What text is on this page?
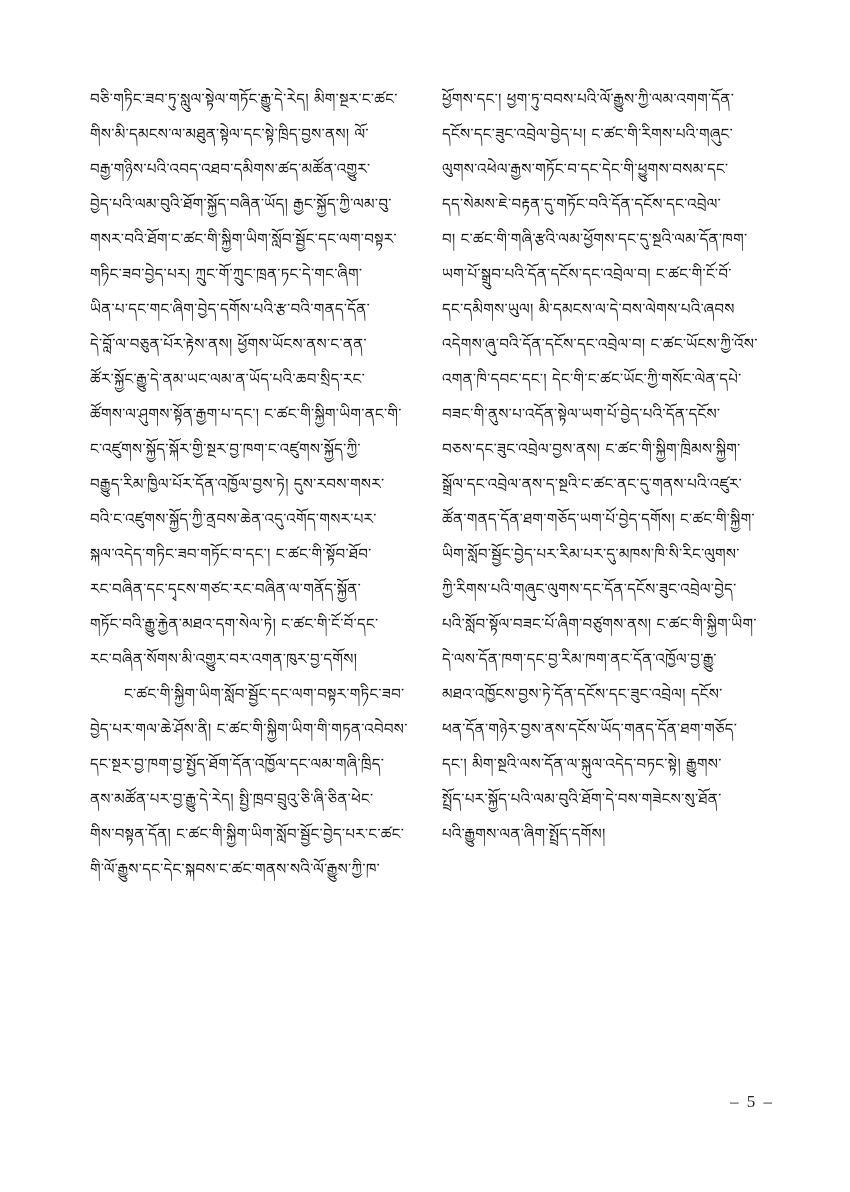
བཅི་གཏིང་ཟབ་ཏུ་སླུལ་སྟེལ་གཏོང་རྒྱུ་དེ་རེད། མིག་སྔར་ང་ཚང་
གིས་མི་དམངས་ལ་མཐུན་སྟེལ་དང་སྟེ་ཁྲིད་བྱས་ནས། ལོ་
བརྒྱ་གཉིས་པའི་འབད་འཐབ་དམིགས་ཚད་མཚོན་འགྱུར་
བྱེད་པའི་ལམ་བུའི་ཐོག་སྐྱོད་བཞིན་ཡོད། རྒྱང་སྐྱོད་ཀྱི་ལམ་བུ་
གསར་བའི་ཐོག་ང་ཚང་གི་སྐྱིག་ཡིག་སློབ་སྦྱོང་དང་ལག་བསྟར་
གཏིང་ཟབ་བྱེད་པར། ཀྲུང་གོ་ཀྲུང་ཁྲན་ཏང་དེ་གང་ཞིག་
ཡིན་པ་དང་གང་ཞིག་བྱེད་དགོས་པའི་རྩ་བའི་གནད་དོན་
དེ་བློ་ལ་བཅུན་པོར་རྟེས་ནས། ཕྱོགས་ཡོངས་ནས་ང་ནན་
ཚོར་སྐྱོང་རྒྱུ་དེ་ནམ་ཡང་ལམ་ན་ཡོད་པའི་ཆབ་སྲིད་རང་
ཚོགས་ལ་ཤུགས་སྟོན་རྒྱག་པ་དང་། ང་ཚང་གི་སྐྱིག་ཡིག་ནང་གི་
ང་འཛུགས་སྐྱོད་སྐོར་གྱི་སྔར་བྱ་ཁག་ང་འཛུགས་སྐྱོད་ཀྱི་
བརྒྱུད་རིམ་ཁྱིལ་པོར་དོན་འཁྱོལ་བྱས་ཏེ། དུས་རབས་གསར་
བའི་ང་འཛུགས་སྐྱོད་ཀྱི་ནྲབས་ཆེན་འདུ་འགོད་གསར་པར་
སྐལ་འདེད་གཏིང་ཟབ་གཏོང་བ་དང་། ང་ཚང་གི་སྟོབ་ཐོབ་
རང་བཞིན་དང་དྭངས་གཙང་རང་བཞིན་ལ་གནོད་སྐྱོན་
གཏོང་བའི་རྒྱུ་རྐྱེན་མཐའ་དག་སེལ་ཏེ། ང་ཚང་གི་ངོ་བོ་དང་
རང་བཞིན་སོགས་མི་འགྱུར་བར་འགན་ཁུར་བྱ་དགོས།
ང་ཚང་གི་སྐྱིག་ཡིག་སློབ་སྦྱོང་དང་ལག་བསྟར་གཏིང་ཟབ་
བྱེད་པར་གལ་ཆེ་ཤོས་ནི། ང་ཚང་གི་སྐྱིག་ཡིག་གི་གཏན་འབེབས་
དང་སྔར་བྱ་ཁག་བྱ་སྤྱོད་ཐོག་དོན་འཁྱོལ་དང་ལམ་གཞི་ཁྲིད་
ནས་མཚོན་པར་བྱ་རྒྱུ་དེ་རེད། སྤྱི་ཁྲབ་བྲུའུ་ཅི་ཞི་ཅིན་ཕེང་
གིས་བསྟན་དོན། ང་ཚང་གི་སྐྱིག་ཡིག་སློབ་སྦྱོང་བྱེད་པར་ང་ཚང་
གི་ལོ་རྒྱུས་དང་དེང་སྐབས་ང་ཚང་གནས་སའི་ལོ་རྒྱུས་ཀྱི་ཁ་
ཕྱོགས་དང་། ཕྱག་ཏུ་བབས་པའི་ལོ་རྒྱུས་ཀྱི་ལམ་འགག་དོན་
དངོས་དང་ཟུང་འབྲེལ་བྱེད་པ། ང་ཚང་གི་རིགས་པའི་གཞུང་
ལུགས་འཕེལ་རྒྱས་གཏོང་བ་དང་དེང་གི་ཕྱུགས་བསམ་དང་
དད་སེམས་ཇེ་བརྟན་དུ་གཏོང་བའི་དོན་དངོས་དང་འབྲེལ་
བ། ང་ཚང་གི་གཞི་རྩའི་ལམ་ཕྱོགས་དང་དུ་སྔའི་ལམ་དོན་ཁག་
ཡག་པོ་སྒྲུབ་པའི་དོན་དངོས་དང་འབྲེལ་བ། ང་ཚང་གི་ངོ་བོ་
དང་དམིགས་ཡུལ། མི་དམངས་ལ་དེ་བས་ལེགས་པའི་ཞབས
འདེགས་ཞུ་བའི་དོན་དངོས་དང་འབྲེལ་བ། ང་ཚང་ཡོངས་ཀྱི་འོས་
འགན་ཁི་དབང་དང་། དེང་གི་ང་ཚང་ཡོང་ཀྱི་གསོང་ལེན་དཔེ་
བཟང་གི་ནུས་པ་འདོན་སྟེལ་ཡག་པོ་བྱེད་པའི་དོན་དངོས་
བཅས་དང་ཟུང་འབྲེལ་བྱས་ནས། ང་ཚང་གི་སྐྱིག་ཁྲིམས་སྐྱིག་
སྒྲོལ་དང་འབྲེལ་ནས་ད་སྔའི་ང་ཚང་ནང་དུ་གནས་པའི་འཛུར་
ཚོན་གནད་དོན་ཐག་གཅོད་ཡག་པོ་བྱེད་དགོས། ང་ཚང་གི་སྐྱིག་
ཡིག་སློབ་སྦྱོང་བྱེད་པར་རིམ་པར་དུ་མཁས་ཁི་སི་རིང་ལུགས་
ཀྱི་རིགས་པའི་གཞུང་ལུགས་དང་དོན་དངོས་ཟུང་འབྲེལ་བྱེད་
པའི་སློབ་སྟོལ་བཟང་པོ་ཞིག་བཙུགས་ནས། ང་ཚང་གི་སྐྱིག་ཡིག་
དེ་ལས་དོན་ཁག་དང་བྱ་རིམ་ཁག་ནང་དོན་འཁྱོལ་བྱ་རྒྱུ་
མཐའ་འཁྱོངས་བྱས་ཏེ་དོན་དངོས་དང་ཟུང་འབྲེལ། དངོས་
ཕན་དོན་གཉེར་བྱས་ནས་དངོས་ཡོད་གནད་དོན་ཐག་གཅོད་
དང་། མིག་སྔའི་ལས་དོན་ལ་སྐུལ་འདེད་བཏང་སྟེ། རྒྱུགས་
སྤྲོད་པར་སྐྱོད་པའི་ལམ་བུའི་ཐོག་དེ་བས་གཟེངས་སུ་ཐོན་
པའི་རྒྱུགས་ལན་ཞིག་སྤྲོད་དགོས།
– 5 –
